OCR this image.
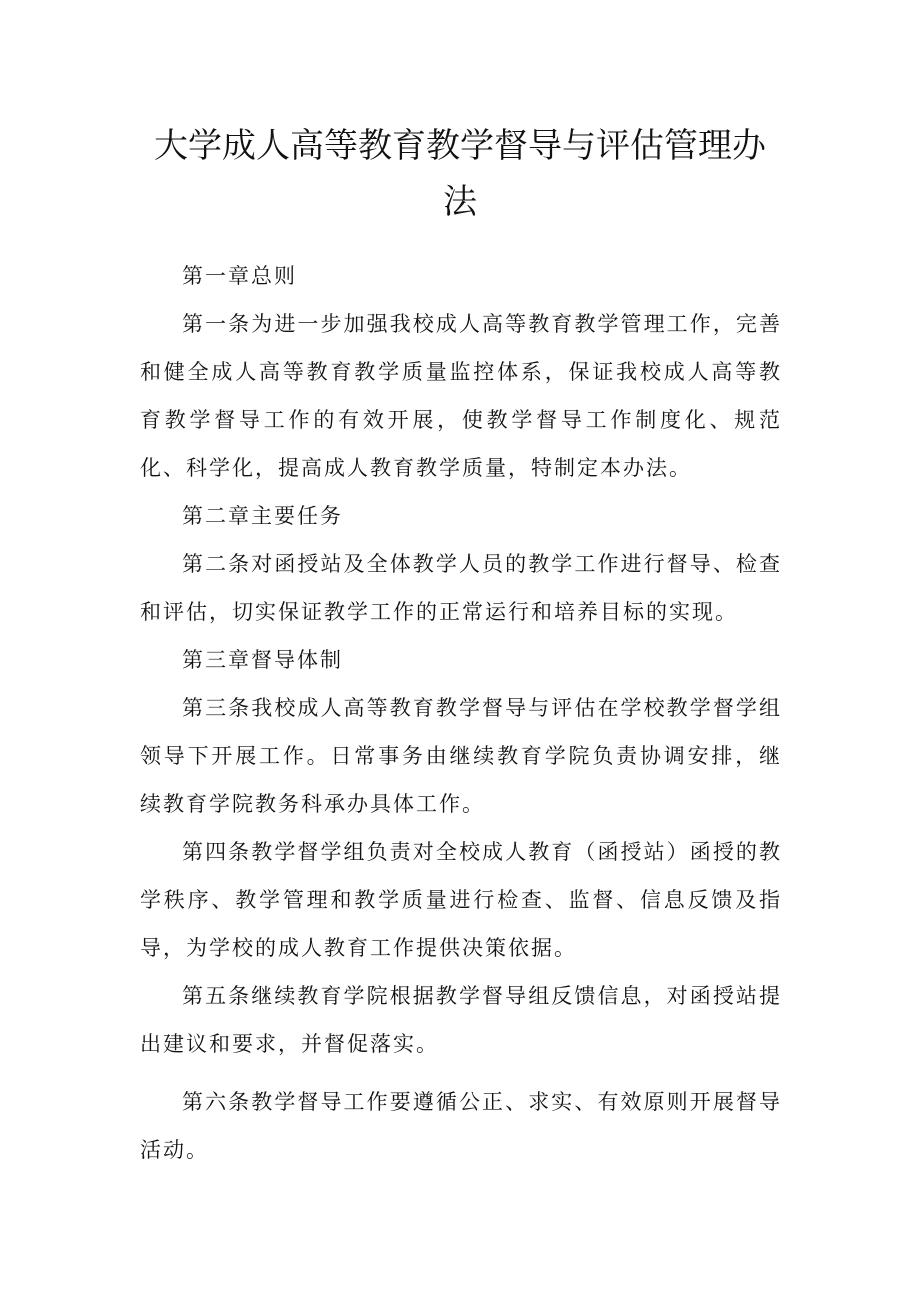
大学成人高等教育教学督导与评估管理办
法

第一章总则

第一条为进一步加强我校成人高等教育教学管理工作，完善和健全成人高等教育教学质量监控体系，保证我校成人高等教育教学督导工作的有效开展，使教学督导工作制度化、规范化、科学化，提高成人教育教学质量，特制定本办法。

第二章主要任务

第二条对函授站及全体教学人员的教学工作进行督导、检查和评估，切实保证教学工作的正常运行和培养目标的实现。

第三章督导体制

第三条我校成人高等教育教学督导与评估在学校教学督学组领导下开展工作。日常事务由继续教育学院负责协调安排，继续教育学院教务科承办具体工作。

第四条教学督学组负责对全校成人教育（函授站）函授的教学秩序、教学管理和教学质量进行检查、监督、信息反馈及指导，为学校的成人教育工作提供决策依据。

第五条继续教育学院根据教学督导组反馈信息，对函授站提出建议和要求，并督促落实。

第六条教学督导工作要遵循公正、求实、有效原则开展督导活动。
